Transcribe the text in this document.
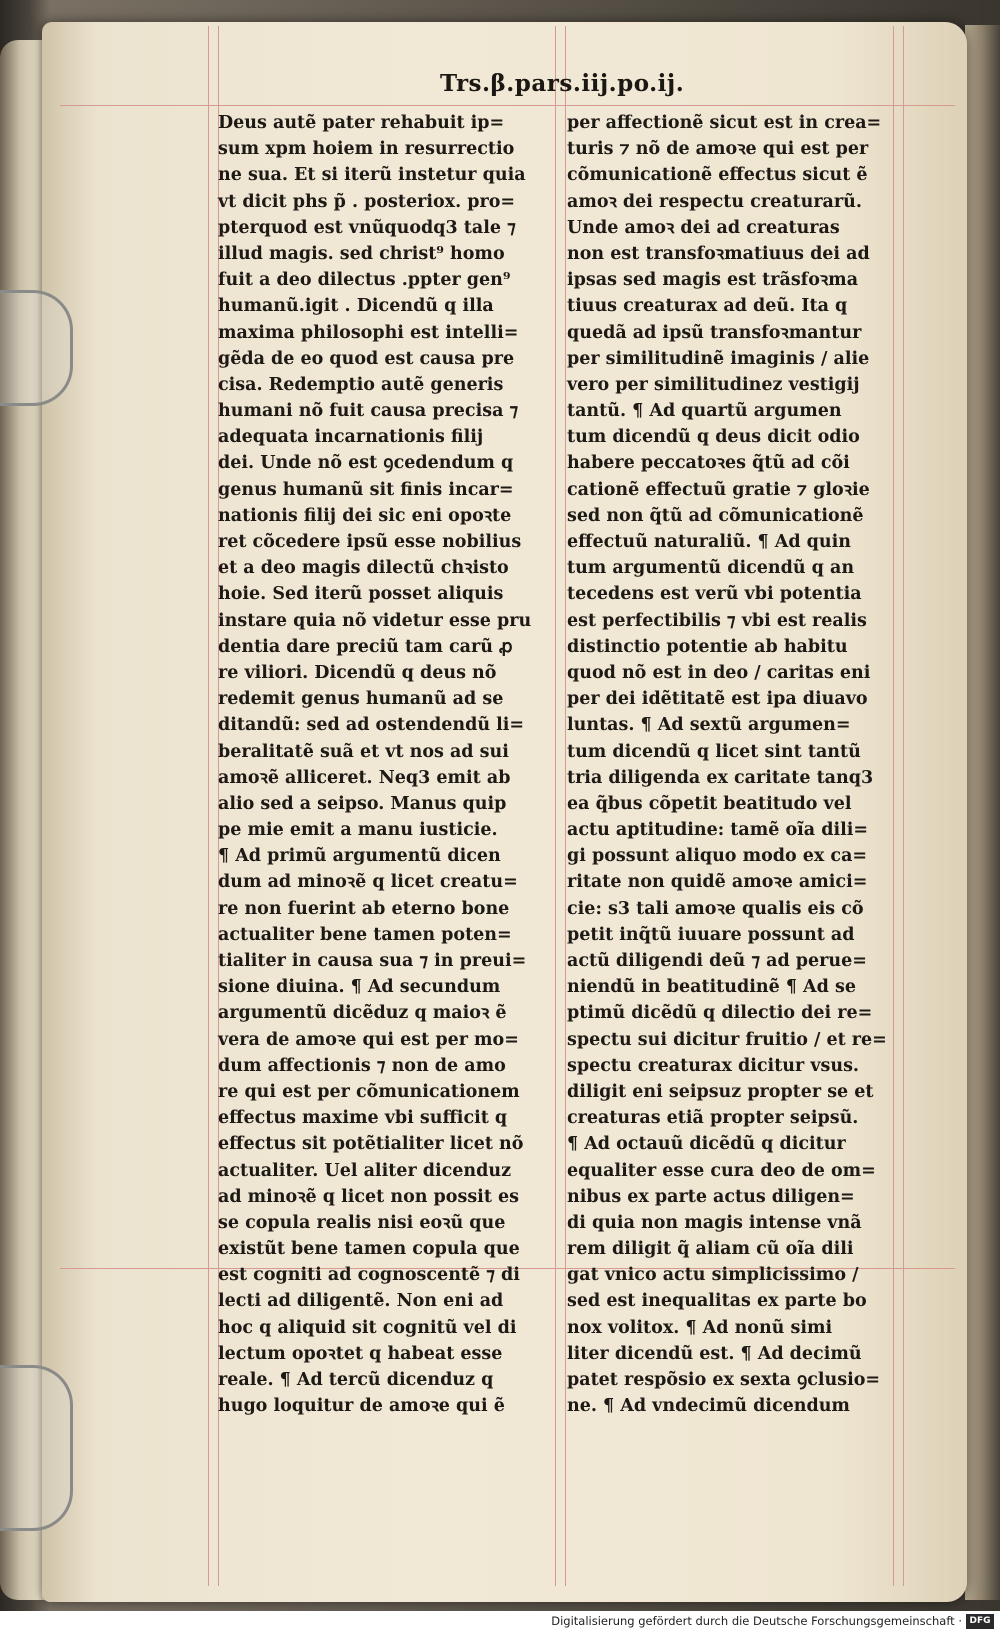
Trs.β.pars.iij.po.ij.
Deus autẽ pater rehabuit ip=
sum xpm hoiem in resurrectio
ne sua. Et si iterũ instetur quia
vt dicit phs p̃ . posteriox. pro=
pterquod est vnũquodq3 tale ⁊
illud magis. sed christ⁹ homo
fuit a deo dilectus .ppter gen⁹
humanũ.igit . Dicendũ q illa
maxima philosophi est intelli=
gẽda de eo quod est causa pre
cisa. Redemptio autẽ generis
humani nõ fuit causa precisa ⁊
adequata incarnationis filij
dei. Unde nõ est ꝯcedendum q
genus humanũ sit finis incar=
nationis filij dei sic eni opoꝛte
ret cõcedere ipsũ esse nobilius
et a deo magis dilectũ chꝛisto
hoie. Sed iterũ posset aliquis
instare quia nõ videtur esse pru
dentia dare preciũ tam carũ ꝓ
re viliori. Dicendũ q deus nõ
redemit genus humanũ ad se
ditandũ: sed ad ostendendũ li=
beralitatẽ suã et vt nos ad sui
amoꝛẽ alliceret. Neq3 emit ab
alio sed a seipso. Manus quip
pe mie emit a manu iusticie.
¶ Ad primũ argumentũ dicen
dum ad minoꝛẽ q licet creatu=
re non fuerint ab eterno bone
actualiter bene tamen poten=
tialiter in causa sua ⁊ in preui=
sione diuina. ¶ Ad secundum
argumentũ dicẽduz q maioꝛ ẽ
vera de amoꝛe qui est per mo=
dum affectionis ⁊ non de amo
re qui est per cõmunicationem
effectus maxime vbi sufficit q
effectus sit potẽtialiter licet nõ
actualiter. Uel aliter dicenduz
ad minoꝛẽ q licet non possit es
se copula realis nisi eoꝛũ que
existũt bene tamen copula que
est cogniti ad cognoscentẽ ⁊ di
lecti ad diligentẽ. Non eni ad
hoc q aliquid sit cognitũ vel di
lectum opoꝛtet q habeat esse
reale. ¶ Ad tercũ dicenduz q
hugo loquitur de amoꝛe qui ẽ
per affectionẽ sicut est in crea=
turis ⁊ nõ de amoꝛe qui est per
cõmunicationẽ effectus sicut ẽ
amoꝛ dei respectu creaturarũ.
Unde amoꝛ dei ad creaturas
non est transfoꝛmatiuus dei ad
ipsas sed magis est trãsfoꝛma
tiuus creaturax ad deũ. Ita q
quedã ad ipsũ transfoꝛmantur
per similitudinẽ imaginis / alie
vero per similitudinez vestigij
tantũ. ¶ Ad quartũ argumen
tum dicendũ q deus dicit odio
habere peccatoꝛes q̃tũ ad cõi
cationẽ effectuũ gratie ⁊ gloꝛie
sed non q̃tũ ad cõmunicationẽ
effectuũ naturaliũ. ¶ Ad quin
tum argumentũ dicendũ q an
tecedens est verũ vbi potentia
est perfectibilis ⁊ vbi est realis
distinctio potentie ab habitu
quod nõ est in deo / caritas eni
per dei idẽtitatẽ est ipa diuavo
luntas. ¶ Ad sextũ argumen=
tum dicendũ q licet sint tantũ
tria diligenda ex caritate tanq3
ea q̃bus cõpetit beatitudo vel
actu aptitudine: tamẽ oĩa dili=
gi possunt aliquo modo ex ca=
ritate non quidẽ amoꝛe amici=
cie: s3 tali amoꝛe qualis eis cõ
petit inq̃tũ iuuare possunt ad
actũ diligendi deũ ⁊ ad perue=
niendũ in beatitudinẽ ¶ Ad se
ptimũ dicẽdũ q dilectio dei re=
spectu sui dicitur fruitio / et re=
spectu creaturax dicitur vsus.
diligit eni seipsuz propter se et
creaturas etiã propter seipsũ.
¶ Ad octauũ dicẽdũ q dicitur
equaliter esse cura deo de om=
nibus ex parte actus diligen=
di quia non magis intense vnã
rem diligit q̃ aliam cũ oĩa dili
gat vnico actu simplicissimo /
sed est inequalitas ex parte bo
nox volitox. ¶ Ad nonũ simi
liter dicendũ est. ¶ Ad decimũ
patet respõsio ex sexta ꝯclusio=
ne. ¶ Ad vndecimũ dicendum
Digitalisierung gefördert durch die Deutsche Forschungsgemeinschaft · DFG
